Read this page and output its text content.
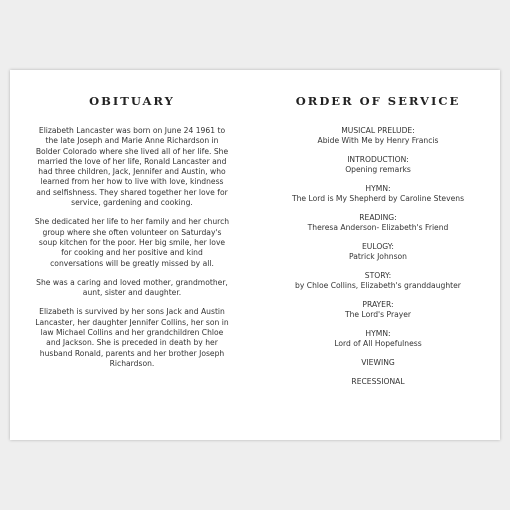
OBITUARY

Elizabeth Lancaster was born on June 24 1961 to the late Joseph and Marie Anne Richardson in Bolder Colorado where she lived all of her life. She married the love of her life, Ronald Lancaster and had three children, Jack, Jennifer and Austin, who learned from her how to live with love, kindness and selfishness. They shared together her love for service, gardening and cooking.

She dedicated her life to her family and her church group where she often volunteer on Saturday's soup kitchen for the poor. Her big smile, her love for cooking and her positive and kind conversations will be greatly missed by all.

She was a caring and loved mother, grandmother, aunt, sister and daughter.

Elizabeth is survived by her sons Jack and Austin Lancaster, her daughter Jennifer Collins, her son in law Michael Collins and her grandchildren Chloe and Jackson. She is preceded in death by her husband Ronald, parents and her brother Joseph Richardson.

ORDER OF SERVICE
MUSICAL PRELUDE:
Abide With Me by Henry Francis
INTRODUCTION:
Opening remarks
HYMN:
The Lord is My Shepherd by Caroline Stevens
READING:
Theresa Anderson- Elizabeth's Friend
EULOGY:
Patrick Johnson
STORY:
by Chloe Collins, Elizabeth's granddaughter
PRAYER:
The Lord's Prayer
HYMN:
Lord of All Hopefulness
VIEWING
RECESSIONAL
